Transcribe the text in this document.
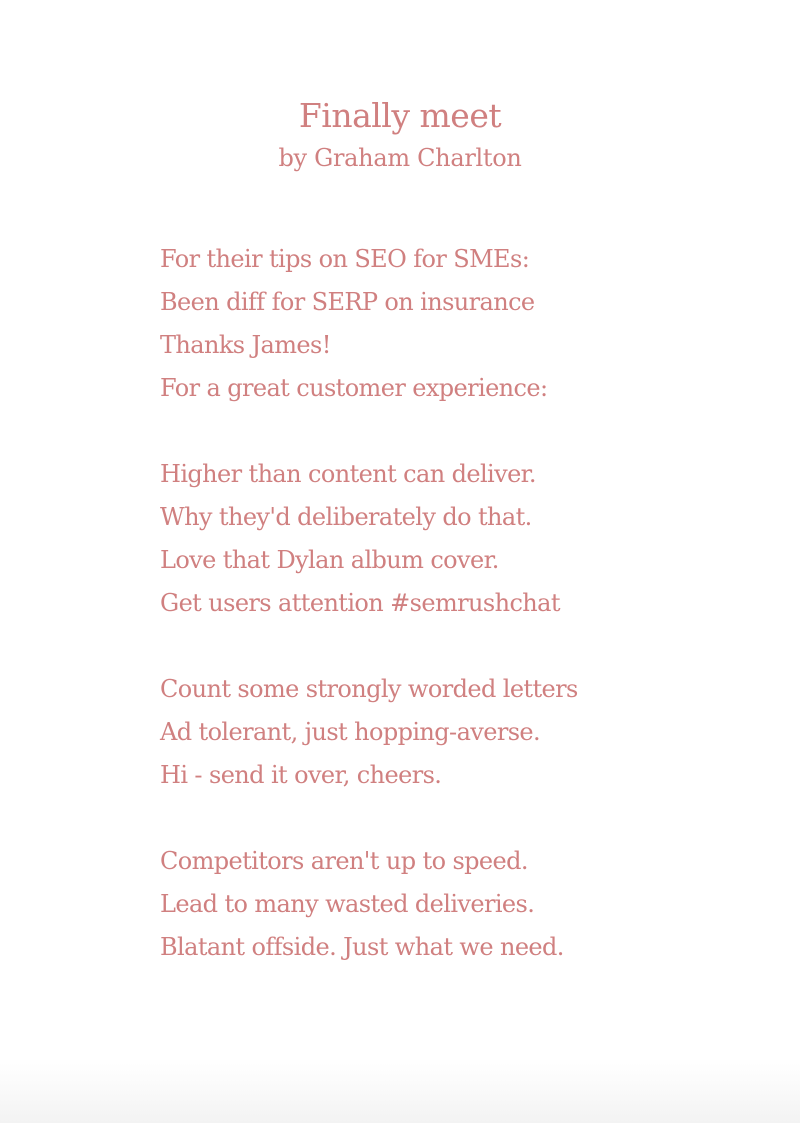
Finally meet

by Graham Charlton

For their tips on SEO for SMEs:
Been diff for SERP on insurance
Thanks James!
For a great customer experience:
Higher than content can deliver.
Why they'd deliberately do that.
Love that Dylan album cover.
Get users attention #semrushchat
Count some strongly worded letters
Ad tolerant, just hopping-averse.
Hi - send it over, cheers.
Competitors aren't up to speed.
Lead to many wasted deliveries.
Blatant offside. Just what we need.
